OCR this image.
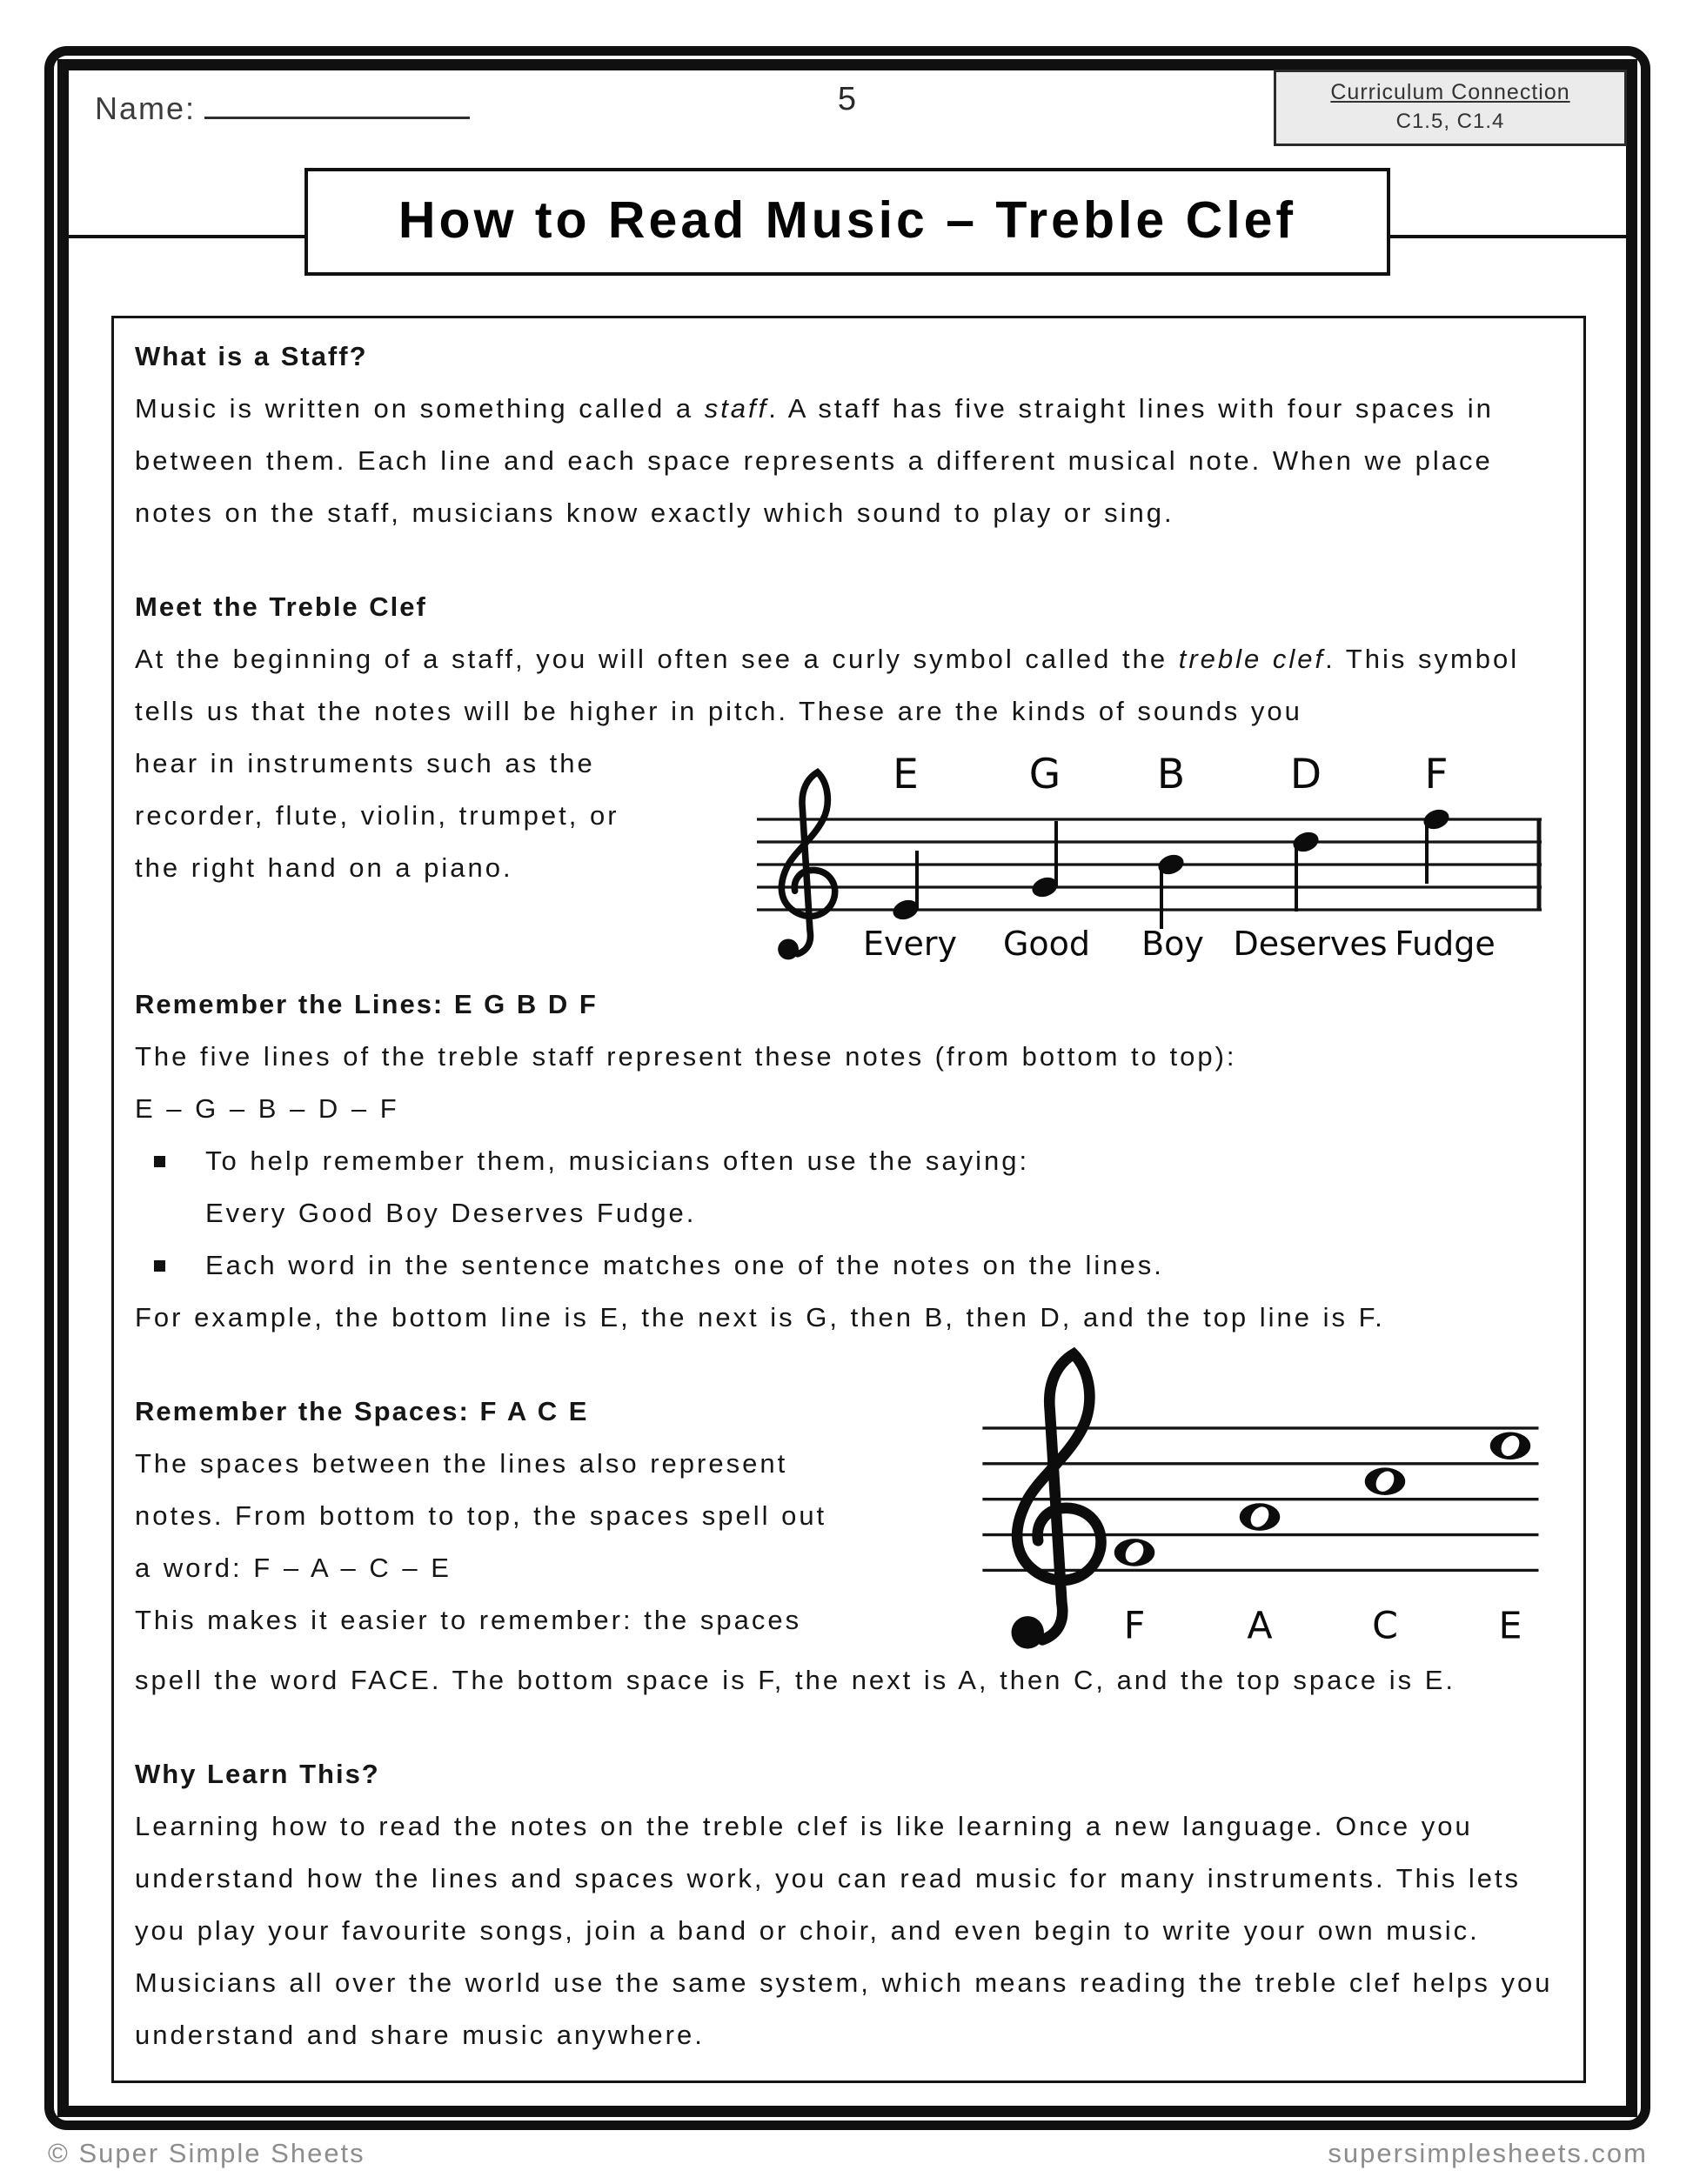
Name:	5	Curriculum Connection
C1.5, C1.4
How to Read Music – Treble Clef
What is a Staff?

Music is written on something called a staff. A staff has five straight lines with four spaces in between them. Each line and each space represents a different musical note. When we place notes on the staff, musicians know exactly which sound to play or sing.

Meet the Treble Clef

At the beginning of a staff, you will often see a curly symbol called the treble clef. This symbol tells us that the notes will be higher in pitch. These are the kinds of sounds you

hear in instruments such as the
recorder, flute, violin, trumpet, or
the right hand on a piano.
E	G B	D	F
Every Good Boy Deserves Fudge
Remember the Lines: E G B D F

The five lines of the treble staff represent these notes (from bottom to top):

E – G – B – D – F

To help remember them, musicians often use the saying:
Every Good Boy Deserves Fudge.
Each word in the sentence matches one of the notes on the lines.

For example, the bottom line is E, the next is G, then B, then D, and the top line is F.

Remember the Spaces: F A C E
The spaces between the lines also represent
notes. From bottom to top, the spaces spell out
a word: F – A – C – E
This makes it easier to remember: the spaces	F	A C	E

spell the word FACE. The bottom space is F, the next is A, then C, and the top space is E.

Why Learn This?

Learning how to read the notes on the treble clef is like learning a new language. Once you understand how the lines and spaces work, you can read music for many instruments. This lets you play your favourite songs, join a band or choir, and even begin to write your own music. Musicians all over the world use the same system, which means reading the treble clef helps you understand and share music anywhere.

© Super Simple Sheets	supersimplesheets.com
